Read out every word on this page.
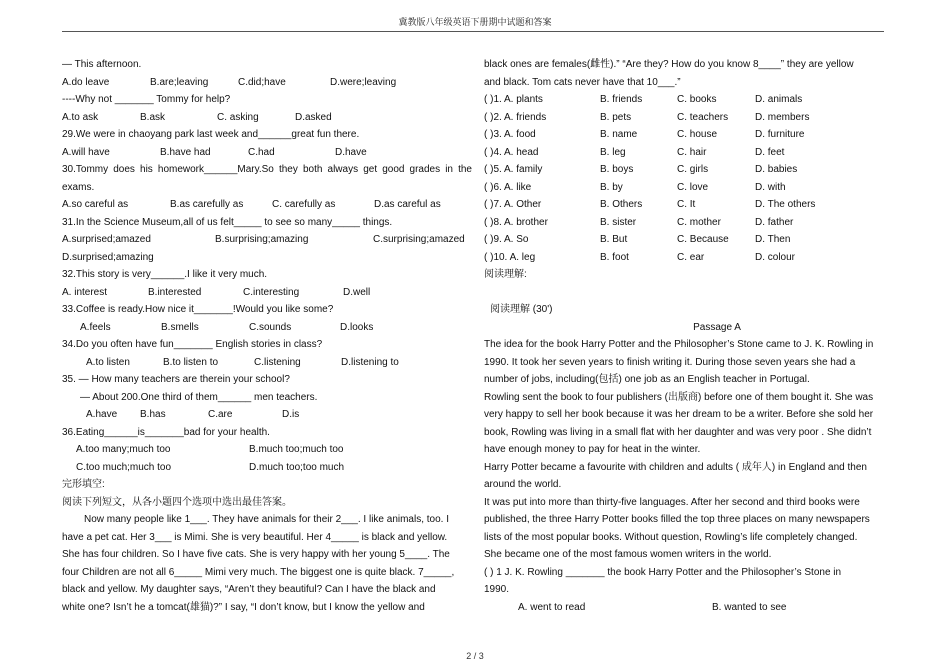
冀教版八年级英语下册期中试题和答案
— This afternoon.
A.do leave	B.are;leaving	C.did;have	D.were;leaving
----Why not _______ Tommy for help?
A.to ask	B.ask	C. asking	D.asked
29.We were in chaoyang park last week and______great fun there.
A.will have	B.have had	C.had	D.have
30.Tommy does his homework______Mary.So they both always get good grades in the exams.
A.so careful as	B.as carefully as	C. carefully as	D.as careful as
31.In the Science Museum,all of us felt_____ to see so many_____ things.
A.surprised;amazed	B.surprising;amazing	C.surprising;amazed
D.surprised;amazing
32.This story is very______.I like it very much.
A. interest	B.interested	C.interesting	D.well
33.Coffee is ready.How nice it_______!Would you like some?
A.feels	B.smells	C.sounds	D.looks
34.Do you often have fun_______ English stories in class?
A.to listen	B.to listen to	C.listening	D.listening to
35. — How many teachers are therein your school?
— About 200.One third of them______ men teachers.
A.have B.has	C.are	D.is
36.Eating______is_______bad for your health.
A.too many;much too	B.much too;much too
C.too much;much too	D.much too;too much
完形填空:
阅读下列短文，从各小题四个选项中选出最佳答案。
Now many people like 1___. They have animals for their 2___. I like animals, too. I
have a pet cat. Her 3___ is Mimi. She is very beautiful. Her 4_____ is black and yellow.
She has four children. So I have five cats. She is very happy with her young 5____. The
four Children are not all 6_____ Mimi very much. The biggest one is quite black. 7_____,
black and yellow. My daughter says, “Aren’t they beautiful? Can I have the black and
white one? Isn’t he a tomcat(雄猫)?” I say, “I don’t know, but I know the yellow and
black ones are females(雌性).” “Are they? How do you know 8____” they are yellow
and black. Tom cats never have that 10___.”
( )1. A. plants	B. friends	C. books	D. animals
( )2. A. friends	B. pets	C. teachers	D. members
( )3. A. food	B. name	C. house	D. furniture
( )4. A. head	B. leg	C. hair	D. feet
( )5. A. family	B. boys	C. girls	D. babies
( )6. A. like	B. by	C. love	D. with
( )7. A. Other	B. Others	C. It	D. The others
( )8. A. brother	B. sister	C. mother	D. father
( )9. A. So	B. But	C. Because	D. Then
( )10. A. leg	B. foot	C. ear	D. colour
阅读理解:
阅读理解 (30')
Passage A
The idea for the book Harry Potter and the Philosopher’s Stone came to J. K. Rowling in
1990. It took her seven years to finish writing it. During those seven years she had a
number of jobs, including(包括) one job as an English teacher in Portugal.
Rowling sent the book to four publishers (出版商) before one of them bought it. She was
very happy to sell her book because it was her dream to be a writer. Before she sold her
book, Rowling was living in a small flat with her daughter and was very poor . She didn’t
have enough money to pay for heat in the winter.
Harry Potter became a favourite with children and adults ( 成年人) in England and then
around the world.
It was put into more than thirty-five languages. After her second and third books were
published, the three Harry Potter books filled the top three places on many newspapers
lists of the most popular books. Without question, Rowling’s life completely changed.
She became one of the most famous women writers in the world.
( ) 1 J. K. Rowling _______ the book Harry Potter and the Philosopher’s Stone in
1990.
A. went to read	B. wanted to see
2 / 3
